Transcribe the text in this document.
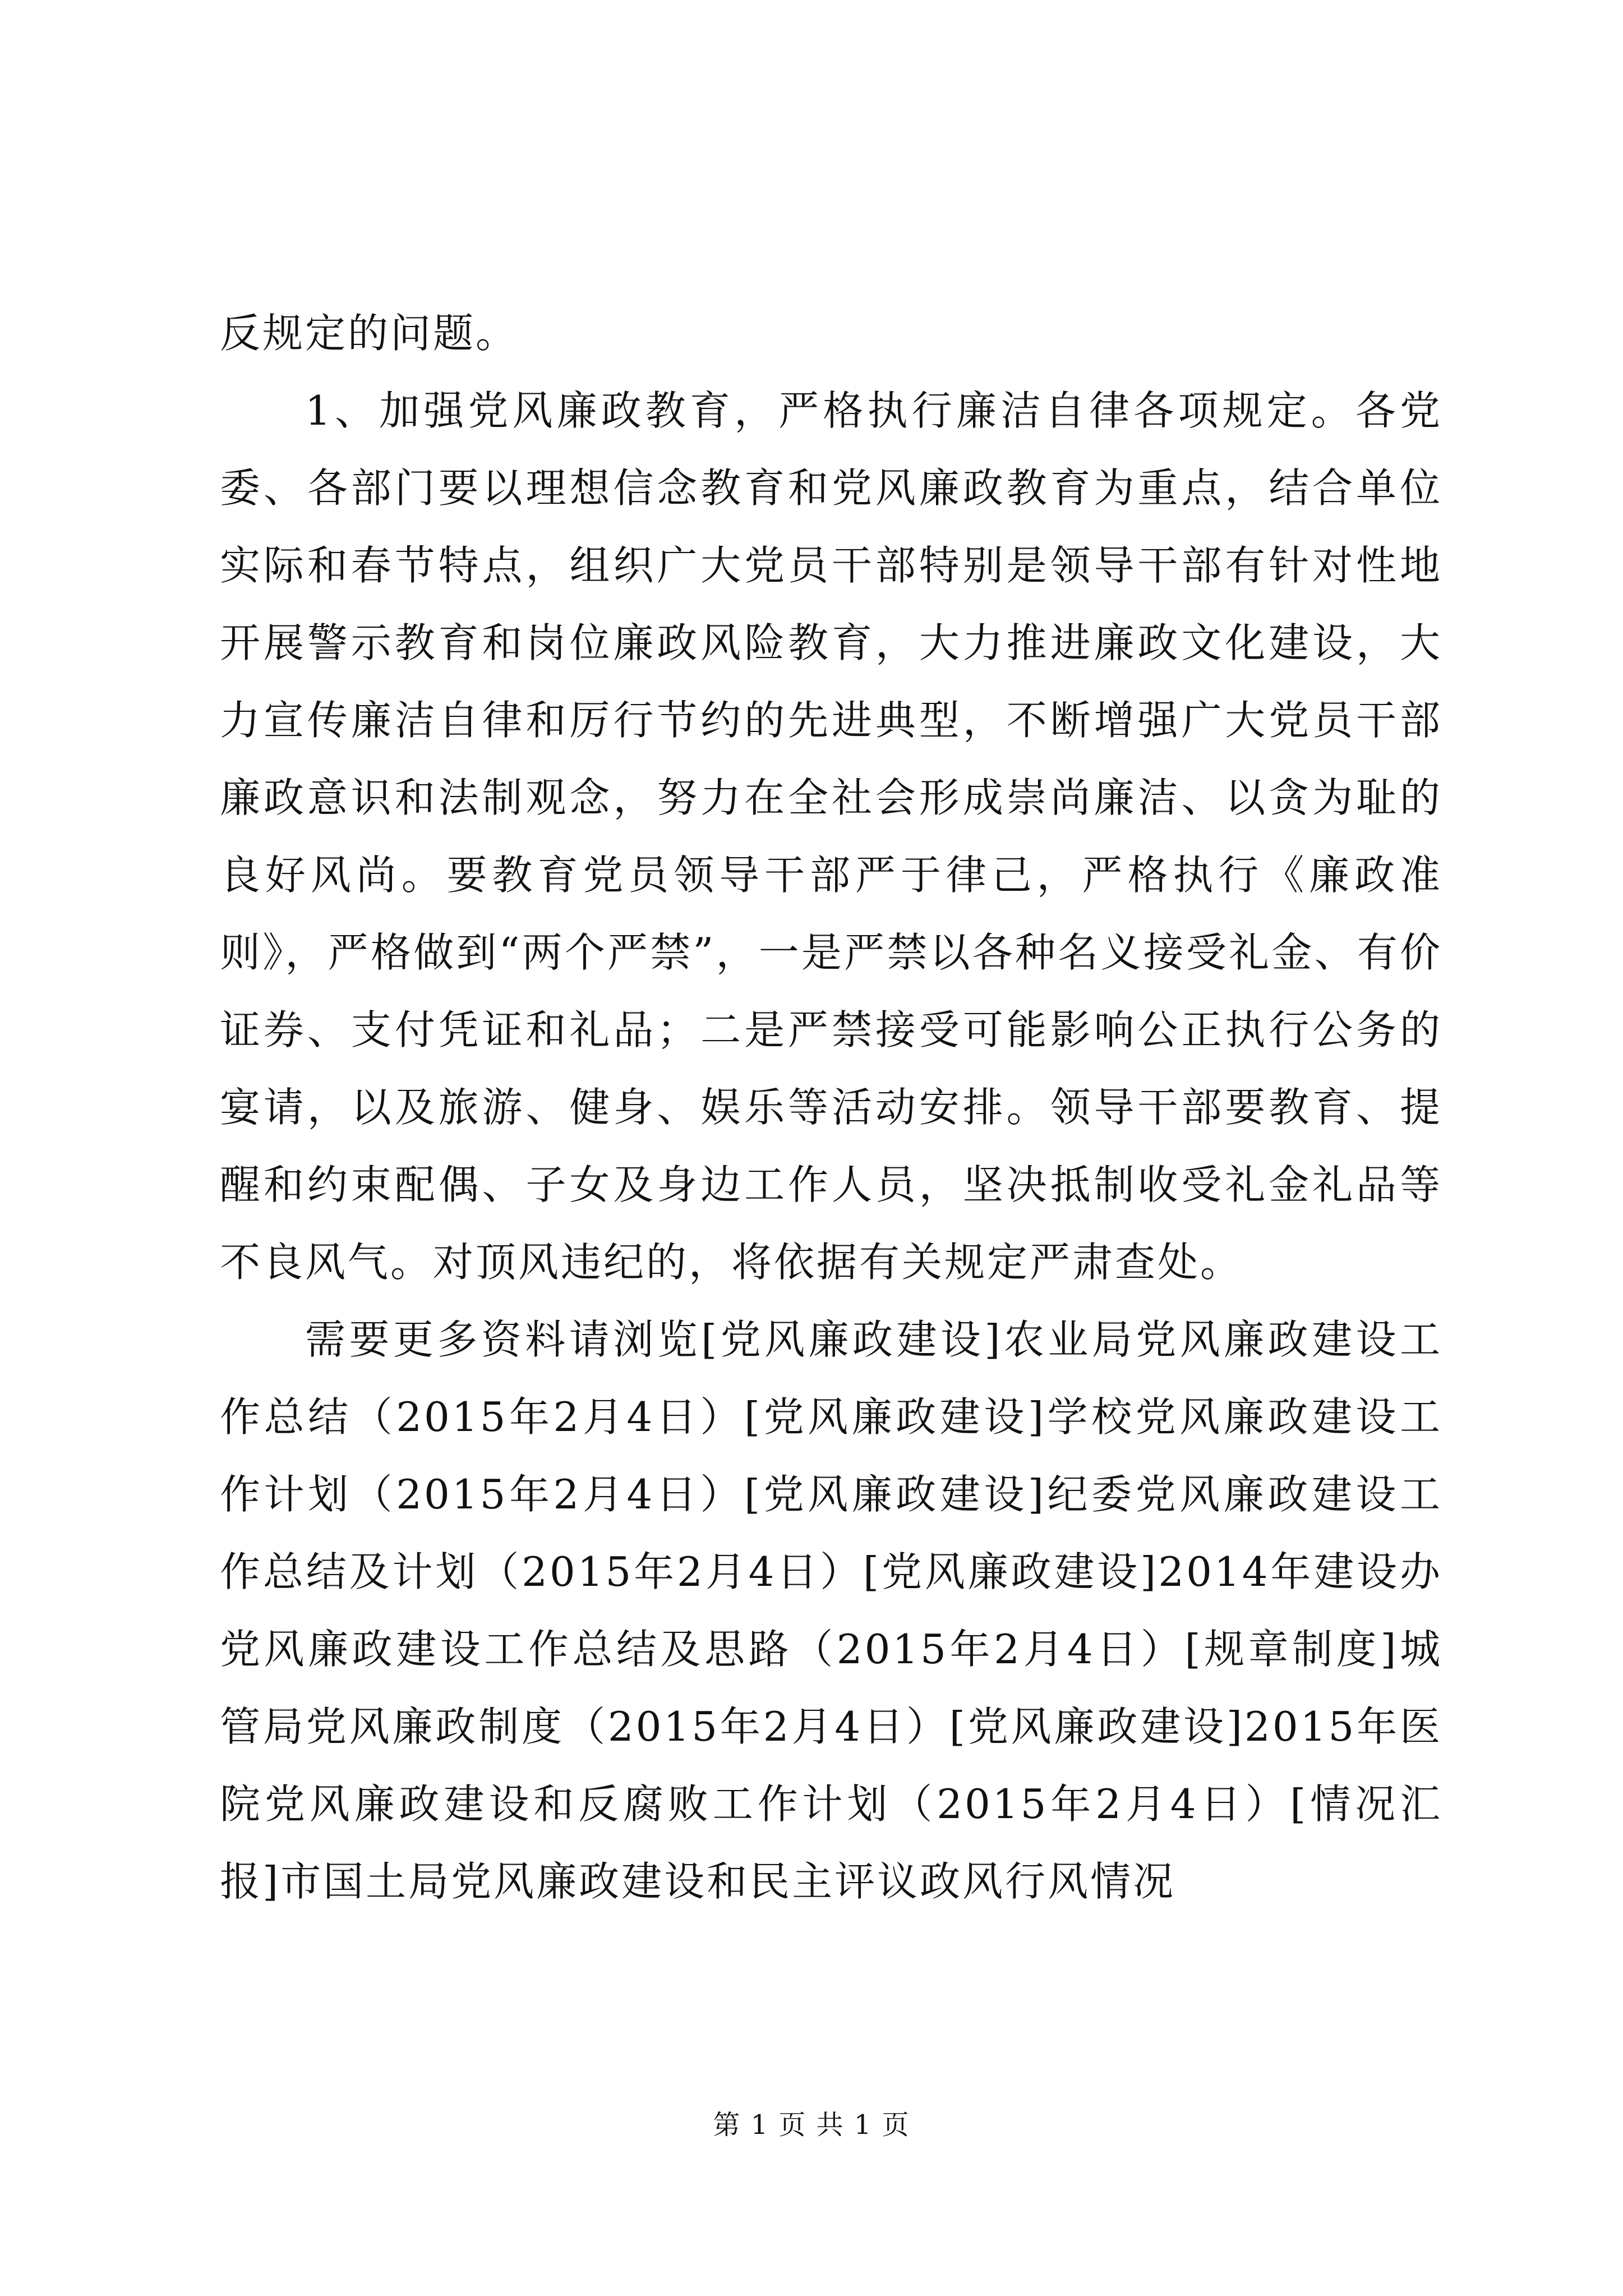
反规定的问题。

1、加强党风廉政教育，严格执行廉洁自律各项规定。各党委、各部门要以理想信念教育和党风廉政教育为重点，结合单位实际和春节特点，组织广大党员干部特别是领导干部有针对性地开展警示教育和岗位廉政风险教育，大力推进廉政文化建设，大力宣传廉洁自律和厉行节约的先进典型，不断增强广大党员干部廉政意识和法制观念，努力在全社会形成崇尚廉洁、以贪为耻的良好风尚。要教育党员领导干部严于律己，严格执行《廉政准则》，严格做到“两个严禁”，一是严禁以各种名义接受礼金、有价证券、支付凭证和礼品；二是严禁接受可能影响公正执行公务的宴请，以及旅游、健身、娱乐等活动安排。领导干部要教育、提醒和约束配偶、子女及身边工作人员，坚决抵制收受礼金礼品等不良风气。对顶风违纪的，将依据有关规定严肃查处。

需要更多资料请浏览[党风廉政建设]农业局党风廉政建设工作总结（2015年2月4日）[党风廉政建设]学校党风廉政建设工作计划（2015年2月4日）[党风廉政建设]纪委党风廉政建设工作总结及计划（2015年2月4日）[党风廉政建设]2014年建设办党风廉政建设工作总结及思路（2015年2月4日）[规章制度]城管局党风廉政制度（2015年2月4日）[党风廉政建设]2015年医院党风廉政建设和反腐败工作计划（2015年2月4日）[情况汇报]市国土局党风廉政建设和民主评议政风行风情况

第 1 页 共 1 页
